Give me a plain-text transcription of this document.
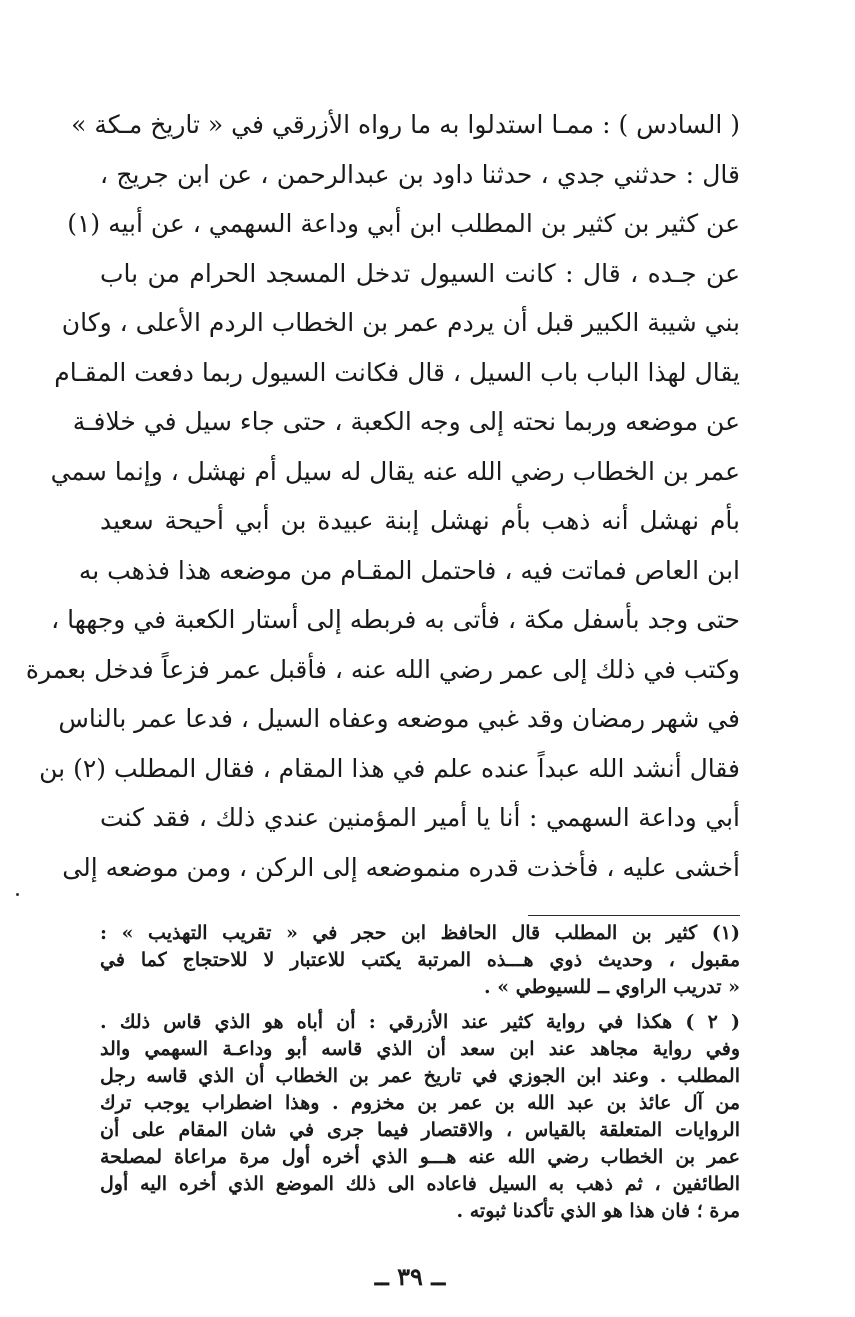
( السادس ) : ممـا استدلوا به ما رواه الأزرقي في « تاريخ مـكة »
قال : حدثني جدي ، حدثنا داود بن عبدالرحمن ، عن ابن جريج ،
عن كثير بن كثير بن المطلب ابن أبي وداعة السهمي ، عن أبيه (١)
عن جـده ، قال : كانت السيول تدخل المسجد الحرام من باب
بني شيبة الكبير قبل أن يردم عمر بن الخطاب الردم الأعلى ، وكان
يقال لهذا الباب باب السيل ، قال فكانت السيول ربما دفعت المقـام
عن موضعه وربما نحته إلى وجه الكعبة ، حتى جاء سيل في خلافـة
عمر بن الخطاب رضي الله عنه يقال له سيل أم نهشل ، وإنما سمي
بأم نهشل أنه ذهب بأم نهشل إبنة عبيدة بن أبي أحيحة سعيد
ابن العاص فماتت فيه ، فاحتمل المقـام من موضعه هذا فذهب به
حتى وجد بأسفل مكة ، فأتى به فربطه إلى أستار الكعبة في وجهها ،
وكتب في ذلك إلى عمر رضي الله عنه ، فأقبل عمر فزعاً فدخل بعمرة
في شهر رمضان وقد غبي موضعه وعفاه السيل ، فدعا عمر بالناس
فقال أنشد الله عبداً عنده علم في هذا المقام ، فقال المطلب (٢) بن
أبي وداعة السهمي : أنا يا أمير المؤمنين عندي ذلك ، فقد كنت
أخشى عليه ، فأخذت قدره منموضعه إلى الركن ، ومن موضعه إلى
(١) كثير بن المطلب قال الحافظ ابن حجر في « تقريب التهذيب » :
مقبول ، وحديث ذوي هـــذه المرتبة يكتب للاعتبار لا للاحتجاج كما في
« تدريب الراوي ــ للسيوطي » .
( ٢ ) هكذا في رواية كثير عند الأزرقي : أن أباه هو الذي قاس ذلك .
وفي رواية مجاهد عند ابن سعد أن الذي قاسه أبو وداعـة السهمي والد
المطلب . وعند ابن الجوزي في تاريخ عمر بن الخطاب أن الذي قاسه رجل
من آل عائذ بن عبد الله بن عمر بن مخزوم . وهذا اضطراب يوجب ترك
الروايات المتعلقة بالقياس ، والاقتصار فيما جرى في شان المقام على أن
عمر بن الخطاب رضي الله عنه هـــو الذي أخره أول مرة مراعاة لمصلحة
الطائفين ، ثم ذهب به السيل فاعاده الى ذلك الموضع الذي أخره اليه أول
مرة ؛ فان هذا هو الذي تأكدنا ثبوته .
ــ ٣٩ ــ
